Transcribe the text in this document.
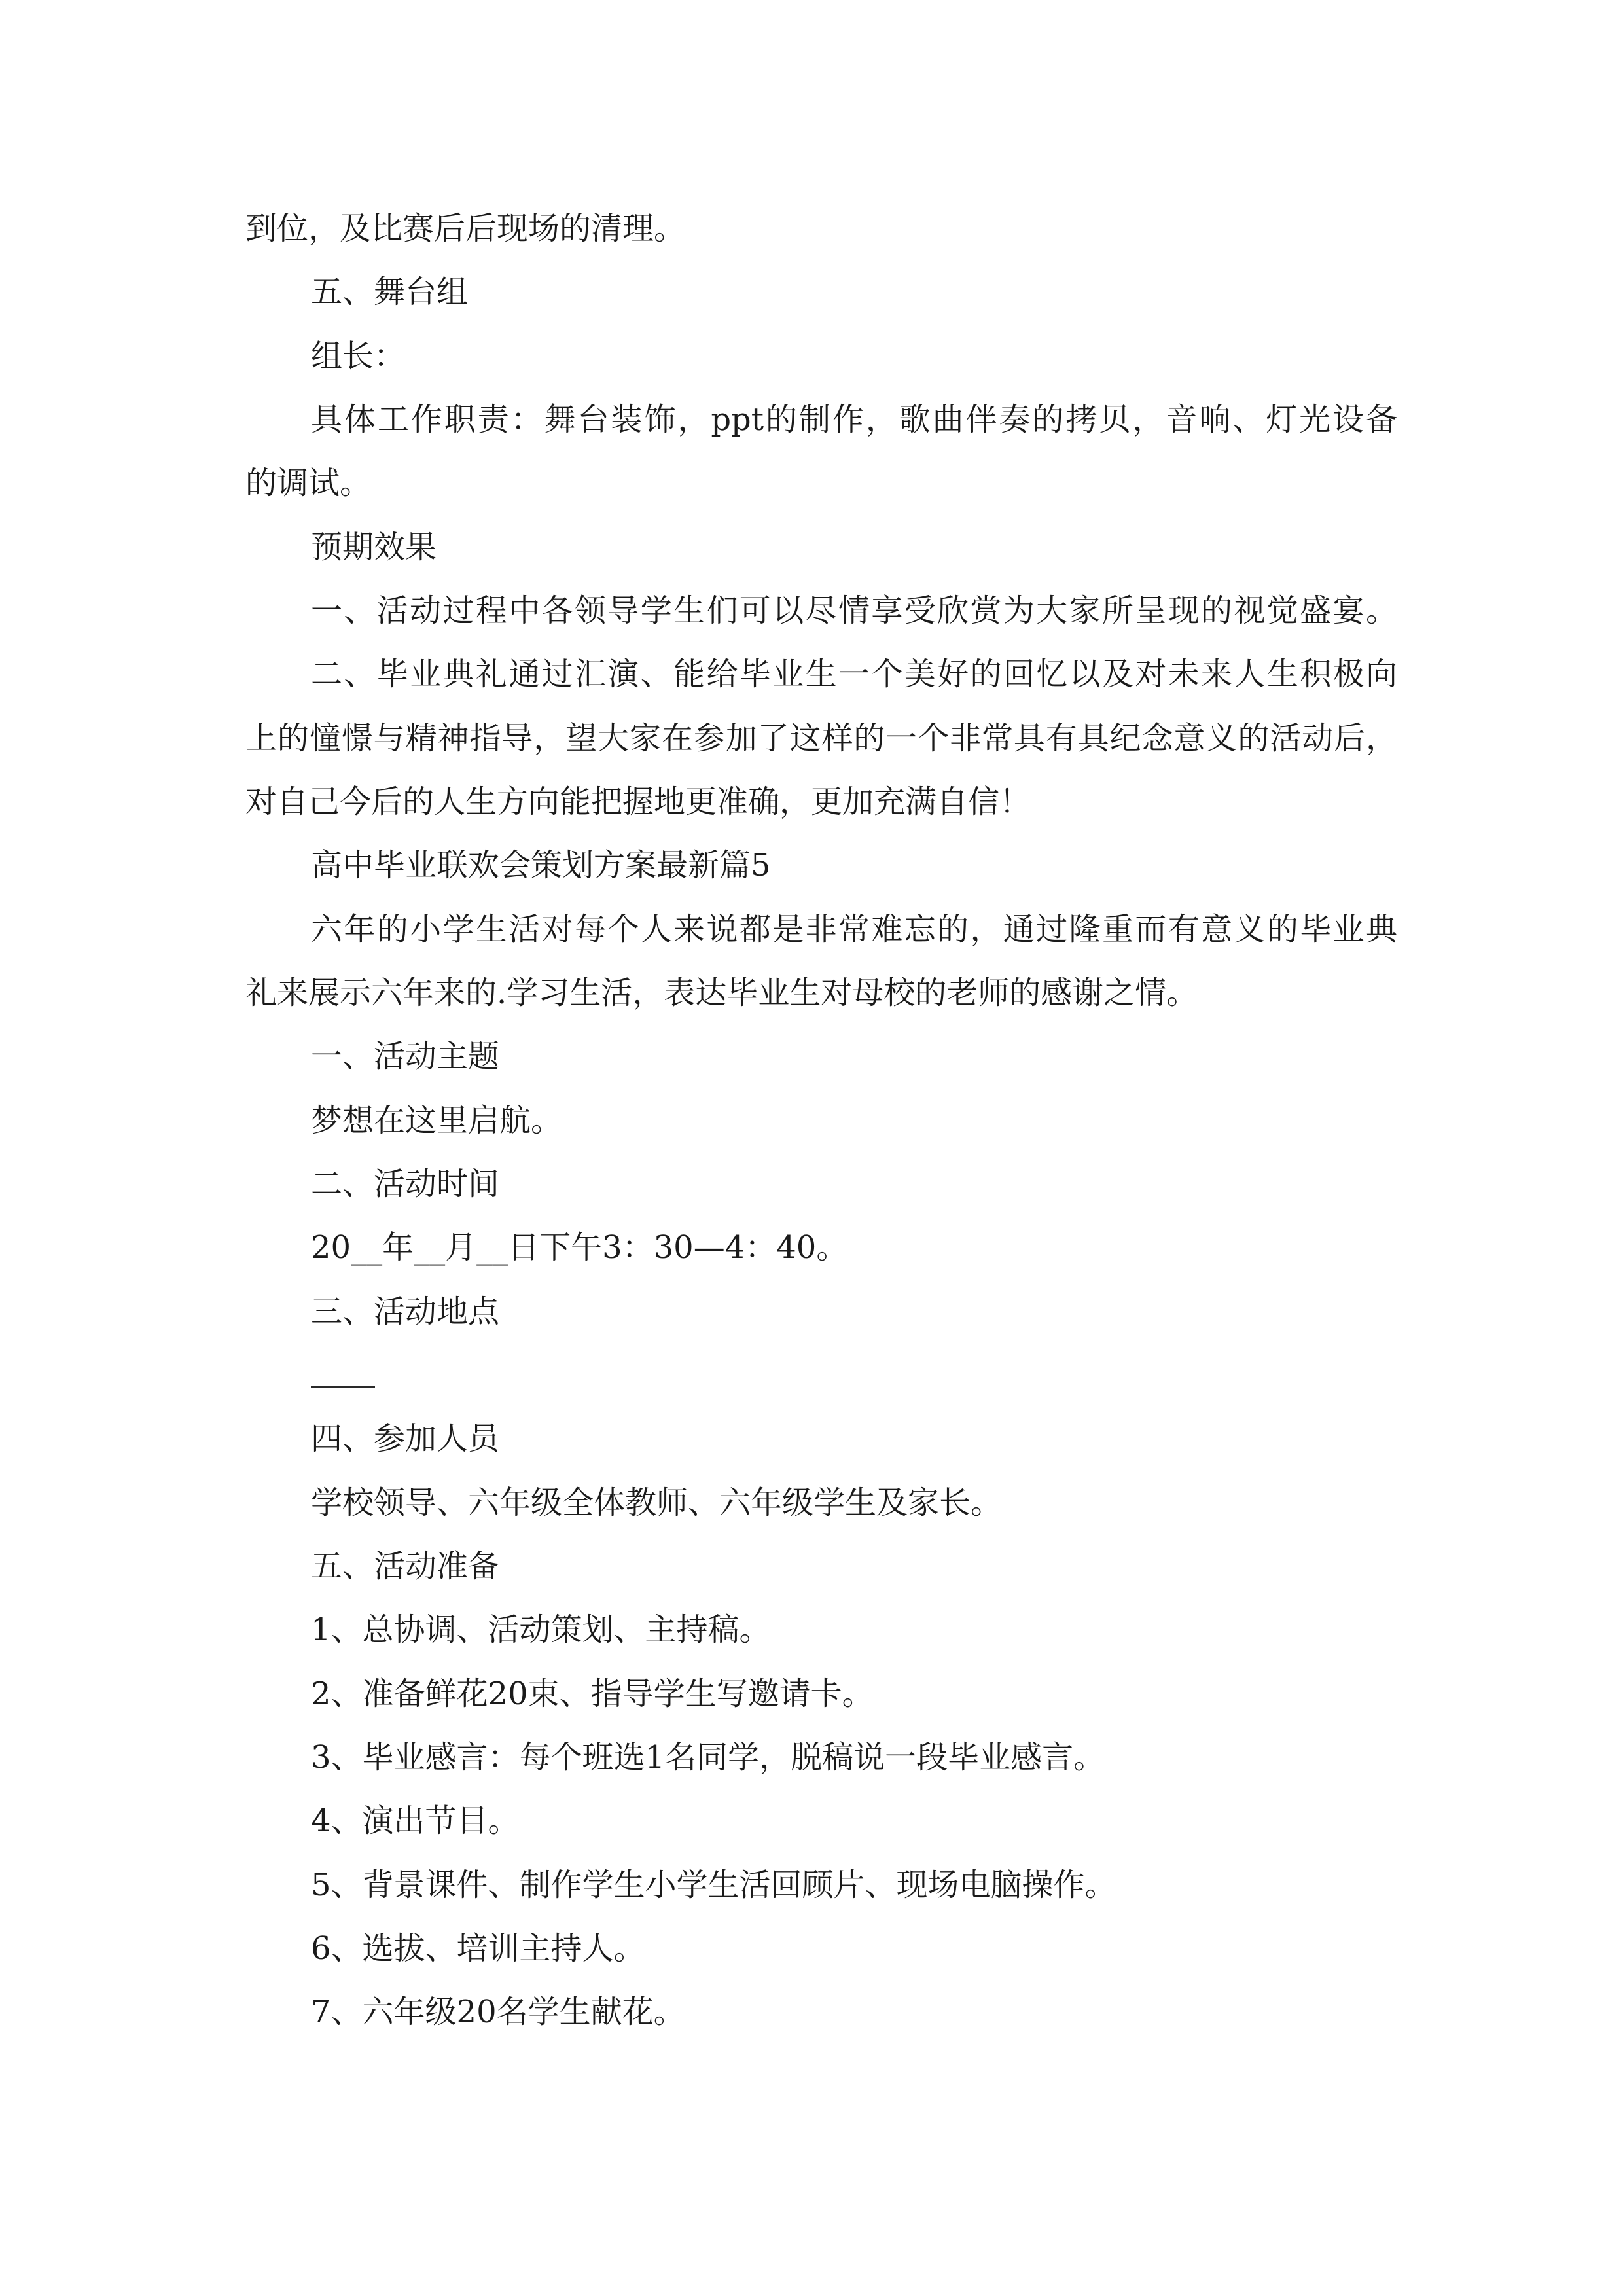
到位，及比赛后后现场的清理。
五、舞台组
组长：
具体工作职责：舞台装饰，ppt的制作，歌曲伴奏的拷贝，音响、灯光设备
的调试。
预期效果
一、活动过程中各领导学生们可以尽情享受欣赏为大家所呈现的视觉盛宴。
二、毕业典礼通过汇演、能给毕业生一个美好的回忆以及对未来人生积极向
上的憧憬与精神指导，望大家在参加了这样的一个非常具有具纪念意义的活动后，
对自己今后的人生方向能把握地更准确，更加充满自信！
高中毕业联欢会策划方案最新篇5
六年的小学生活对每个人来说都是非常难忘的，通过隆重而有意义的毕业典
礼来展示六年来的.学习生活，表达毕业生对母校的老师的感谢之情。
一、活动主题
梦想在这里启航。
二、活动时间
20__年__月__日下午3：30—4：40。
三、活动地点
四、参加人员
学校领导、六年级全体教师、六年级学生及家长。
五、活动准备
1、总协调、活动策划、主持稿。
2、准备鲜花20束、指导学生写邀请卡。
3、毕业感言：每个班选1名同学，脱稿说一段毕业感言。
4、演出节目。
5、背景课件、制作学生小学生活回顾片、现场电脑操作。
6、选拔、培训主持人。
7、六年级20名学生献花。
